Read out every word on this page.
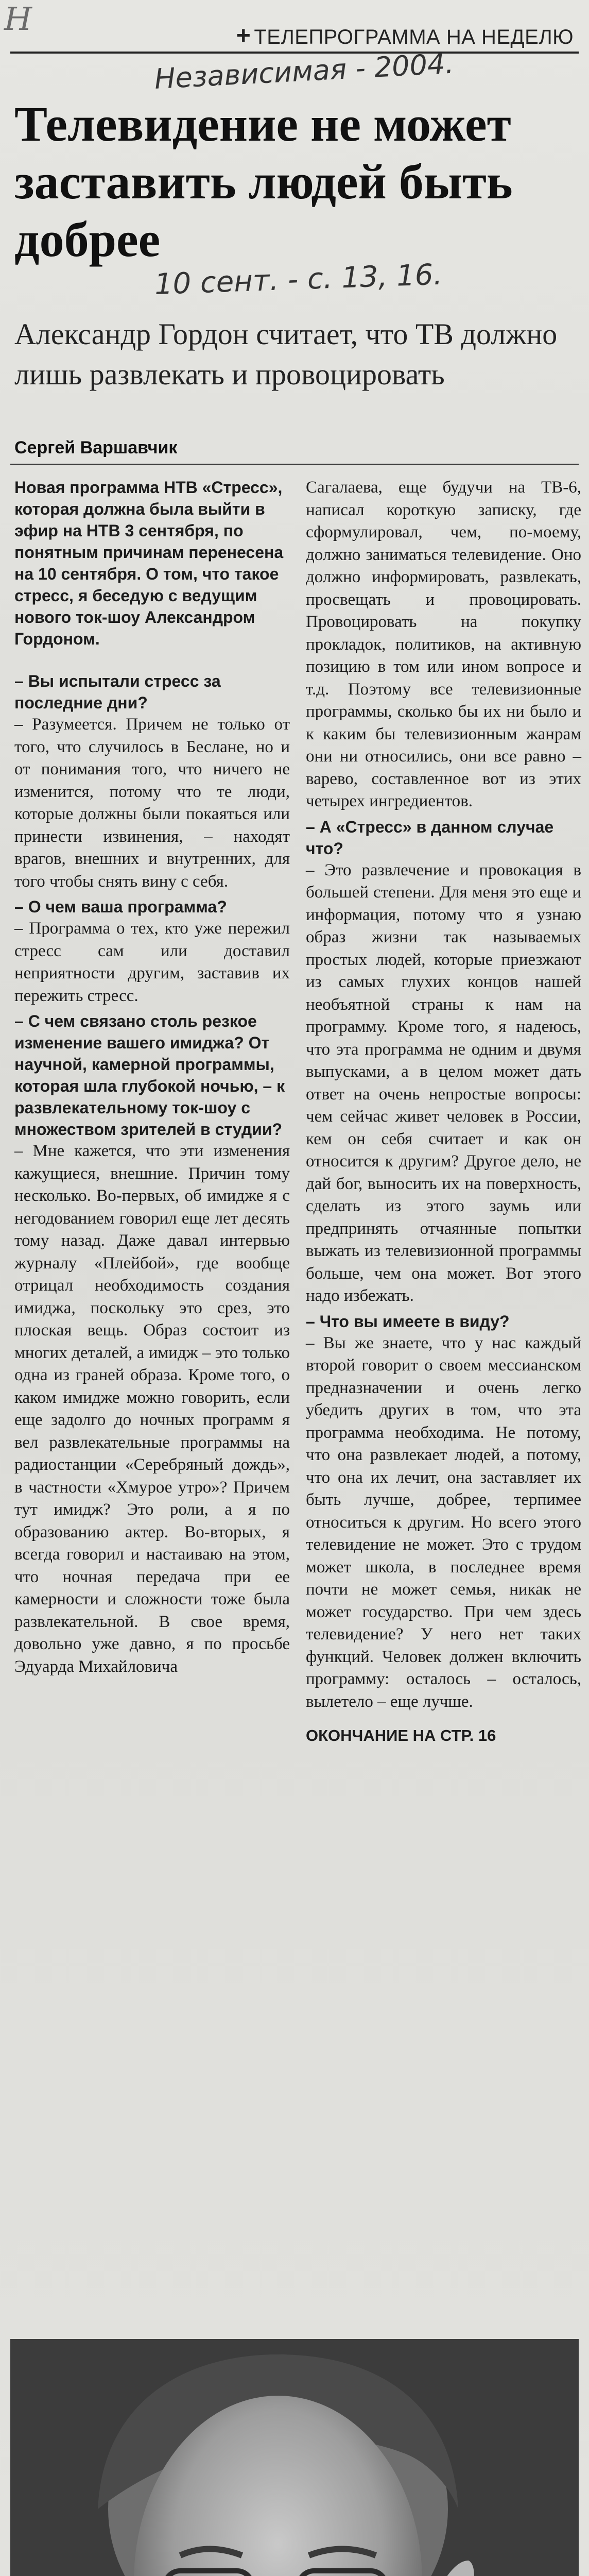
Н	+ ТЕЛЕПРОГРАММА НА НЕДЕЛЮ
Независимая - 2004.
Телевидение не может заставить людей быть добрее
10 сент. - с. 13, 16.

Александр Гордон считает, что ТВ должно лишь развлекать и провоцировать

Сергей Варшавчик

Новая программа НТВ «Стресс», которая должна была выйти в эфир на НТВ 3 сентября, по понятным причинам перенесена на 10 сентября. О том, что такое стресс, я беседую с ведущим нового ток-шоу Александром Гордоном.

– Вы испытали стресс за последние дни?

– Разумеется. Причем не только от того, что случилось в Беслане, но и от понимания того, что ничего не изменится, потому что те люди, которые должны были покаяться или принести извинения, – находят врагов, внешних и внутренних, для того чтобы снять вину с себя.

– О чем ваша программа?

– Программа о тех, кто уже пережил стресс сам или доставил неприятности другим, заставив их пережить стресс.

– С чем связано столь резкое изменение вашего имиджа? От научной, камерной программы, которая шла глубокой ночью, – к развлекательному ток-шоу с множеством зрителей в студии?

– Мне кажется, что эти изменения кажущиеся, внешние. Причин тому несколько. Во-первых, об имидже я с негодованием говорил еще лет десять тому назад. Даже давал интервью журналу «Плейбой», где вообще отрицал необходимость создания имиджа, поскольку это срез, это плоская вещь. Образ состоит из многих деталей, а имидж – это только одна из граней образа. Кроме того, о каком имидже можно говорить, если еще задолго до ночных программ я вел развлекательные программы на радиостанции «Серебряный дождь», в частности «Хмурое утро»? Причем тут имидж? Это роли, а я по образованию актер. Во-вторых, я всегда говорил и настаиваю на этом, что ночная передача при ее камерности и сложности тоже была развлекательной. В свое время, довольно уже давно, я по просьбе Эдуарда Михайловича

Сагалаева, еще будучи на ТВ-6, написал короткую записку, где сформулировал, чем, по-моему, должно заниматься телевидение. Оно должно информировать, развлекать, просвещать и провоцировать. Провоцировать на покупку прокладок, политиков, на активную позицию в том или ином вопросе и т.д. Поэтому все телевизионные программы, сколько бы их ни было и к каким бы телевизионным жанрам они ни относились, они все равно – варево, составленное вот из этих четырех ингредиентов.

– А «Стресс» в данном случае что?

– Это развлечение и провокация в большей степени. Для меня это еще и информация, потому что я узнаю образ жизни так называемых простых людей, которые приезжают из самых глухих концов нашей необъятной страны к нам на программу. Кроме того, я надеюсь, что эта программа не одним и двумя выпусками, а в целом может дать ответ на очень непростые вопросы: чем сейчас живет человек в России, кем он себя считает и как он относится к другим? Другое дело, не дай бог, выносить их на поверхность, сделать из этого заумь или предпринять отчаянные попытки выжать из телевизионной программы больше, чем она может. Вот этого надо избежать.

– Что вы имеете в виду?

– Вы же знаете, что у нас каждый второй говорит о своем мессианском предназначении и очень легко убедить других в том, что эта программа необходима. Не потому, что она развлекает людей, а потому, что она их лечит, она заставляет их быть лучше, добрее, терпимее относиться к другим. Но всего этого телевидение не может. Это с трудом может школа, в последнее время почти не может семья, никак не может государство. При чем здесь телевидение? У него нет таких функций. Человек должен включить программу: осталось – осталось, вылетело – еще лучше.

ОКОНЧАНИЕ НА СТР. 16
